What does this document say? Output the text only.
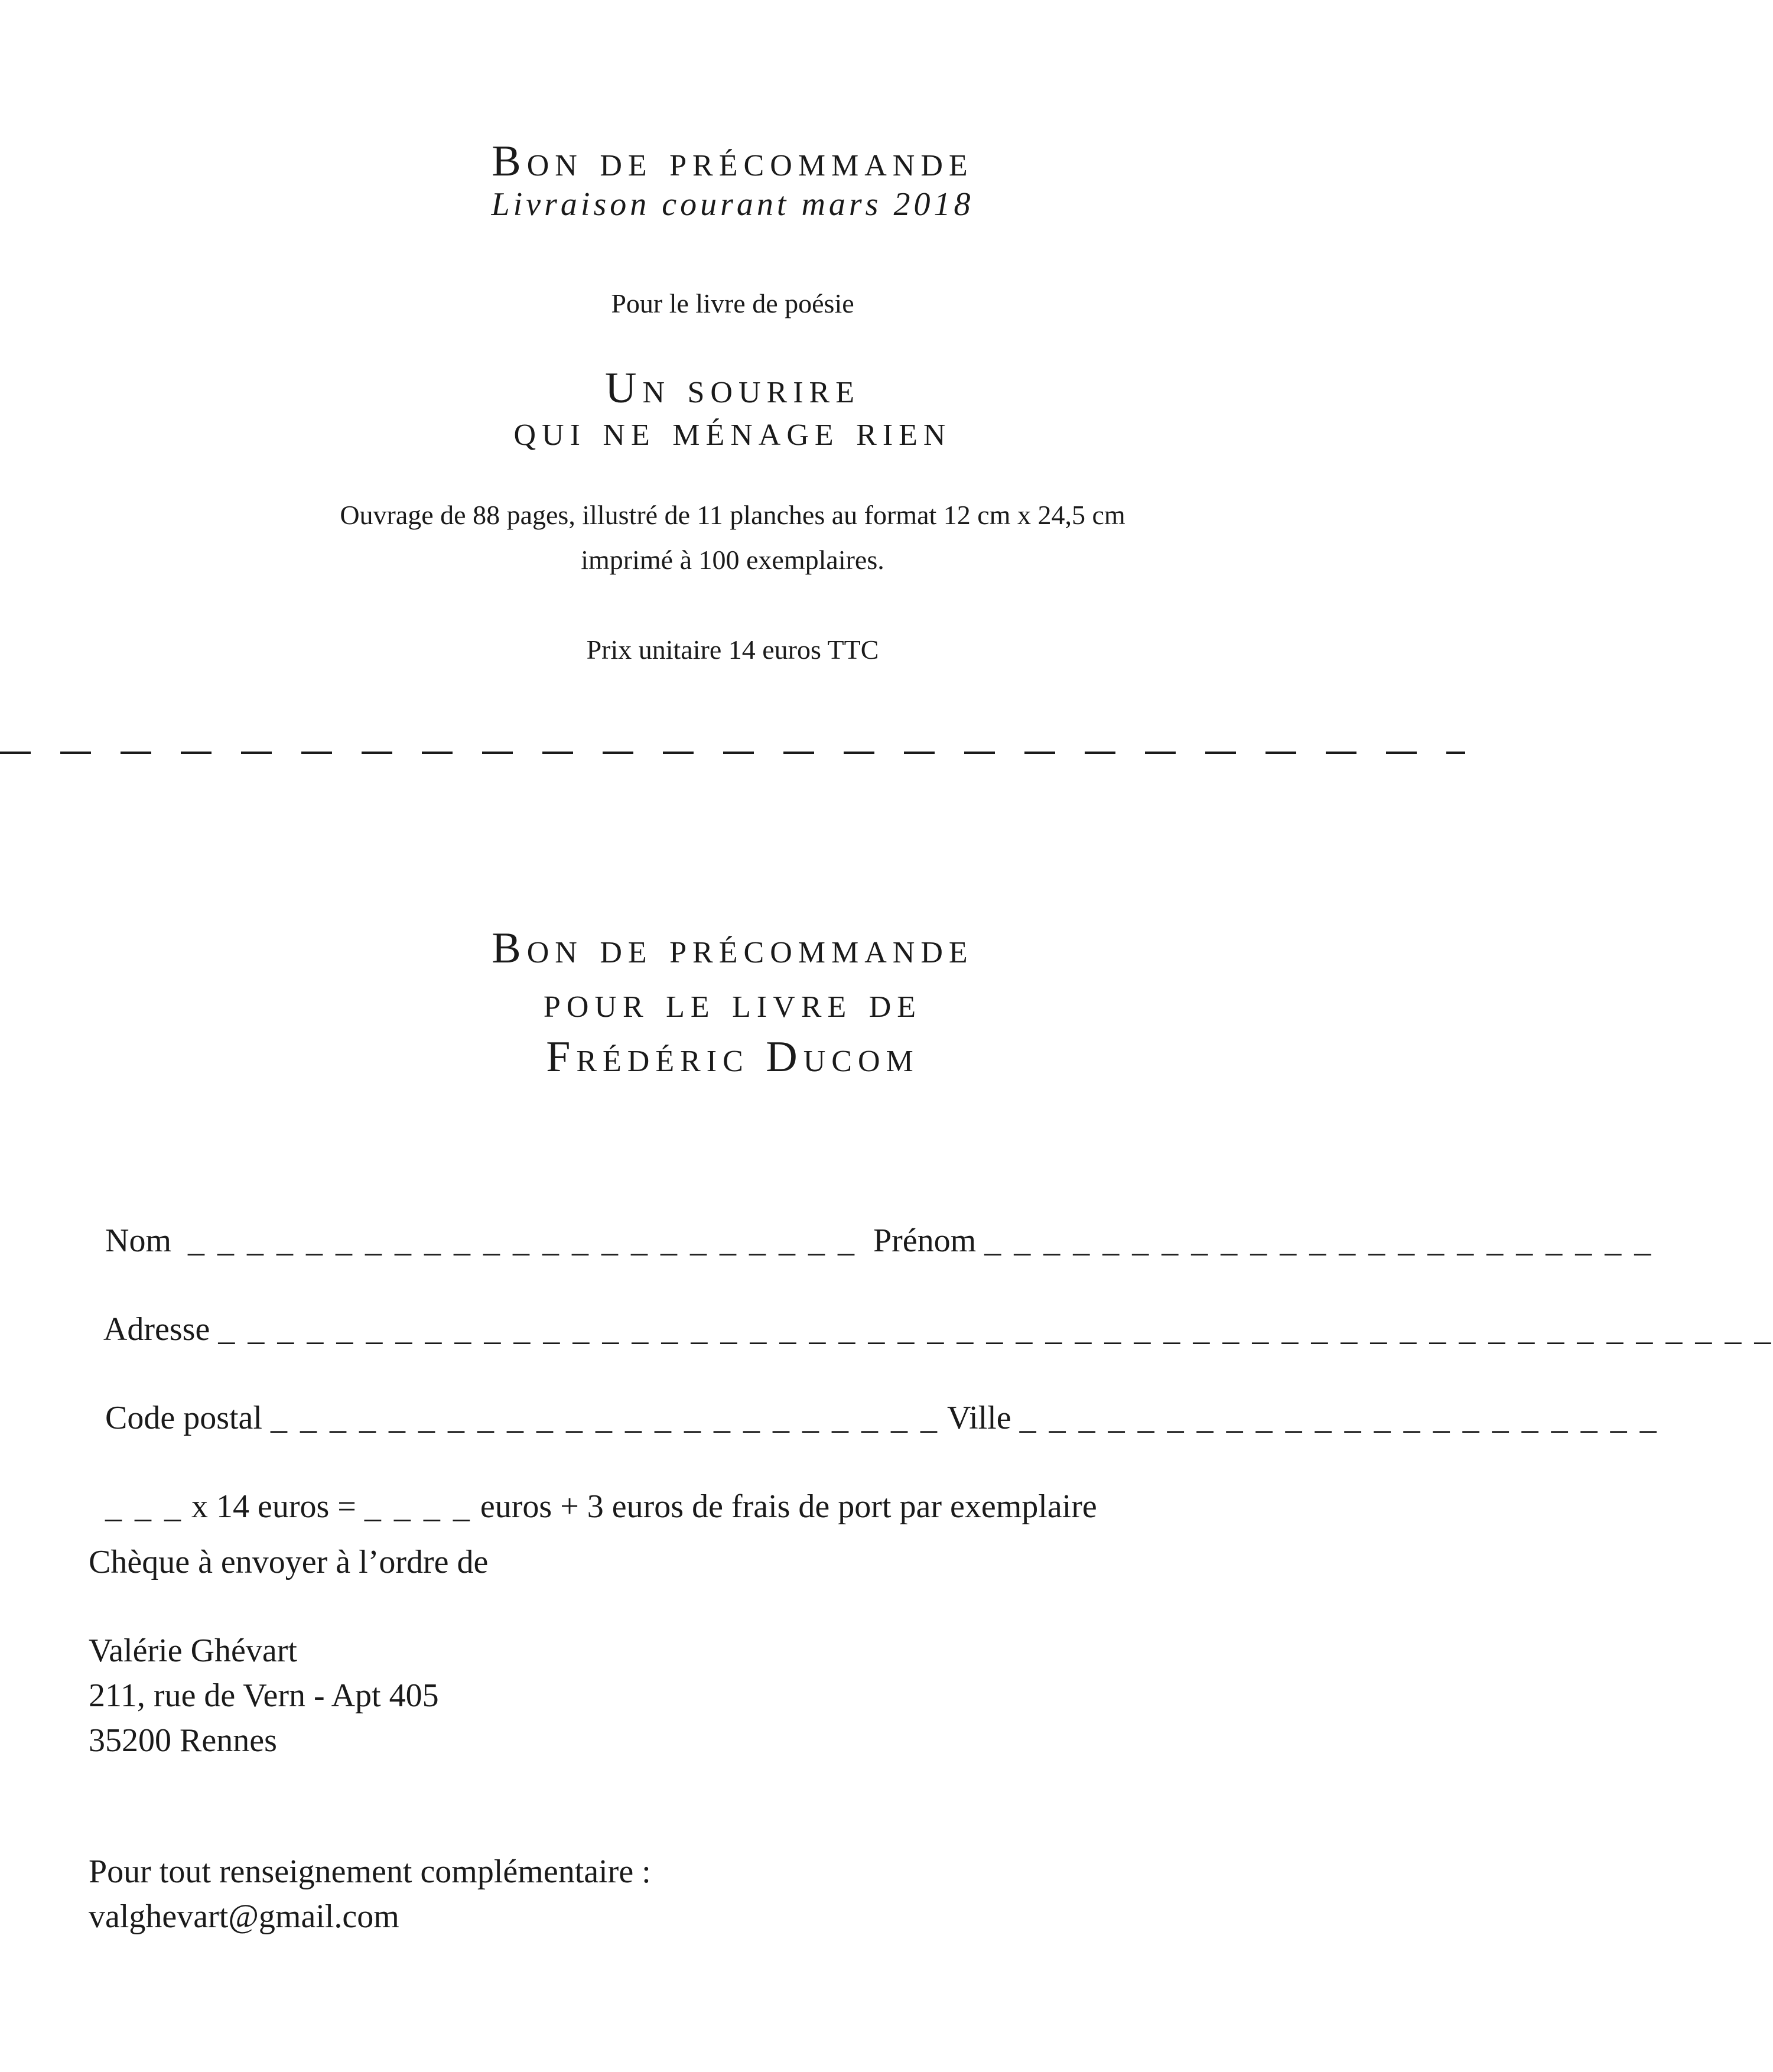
Bon de précommande
Livraison courant mars 2018
Pour le livre de poésie
Un sourire
qui ne ménage rien
Ouvrage de 88 pages, illustré de 11 planches au format 12 cm x 24,5 cm
imprimé à 100 exemplaires.
Prix unitaire 14 euros TTC
Bon de précommande
pour le livre de
Frédéric Ducom

Nom _ _ _ _ _ _ _ _ _ _ _ _ _ _ _ _ _ _ _ _ _ _ _ Prénom _ _ _ _ _ _ _ _ _ _ _ _ _ _ _ _ _ _ _ _ _ _ _

Adresse _ _ _ _ _ _ _ _ _ _ _ _ _ _ _ _ _ _ _ _ _ _ _ _ _ _ _ _ _ _ _ _ _ _ _ _ _ _ _ _ _ _ _ _ _ _ _ _ _ _ _ _ _

Code postal _ _ _ _ _ _ _ _ _ _ _ _ _ _ _ _ _ _ _ _ _ _ _ Ville _ _ _ _ _ _ _ _ _ _ _ _ _ _ _ _ _ _ _ _ _ _

_ _ _ x 14 euros = _ _ _ _ euros + 3 euros de frais de port par exemplaire

Chèque à envoyer à l’ordre de
Valérie Ghévart
211, rue de Vern - Apt 405
35200 Rennes
Pour tout renseignement complémentaire :
valghevart@gmail.com
